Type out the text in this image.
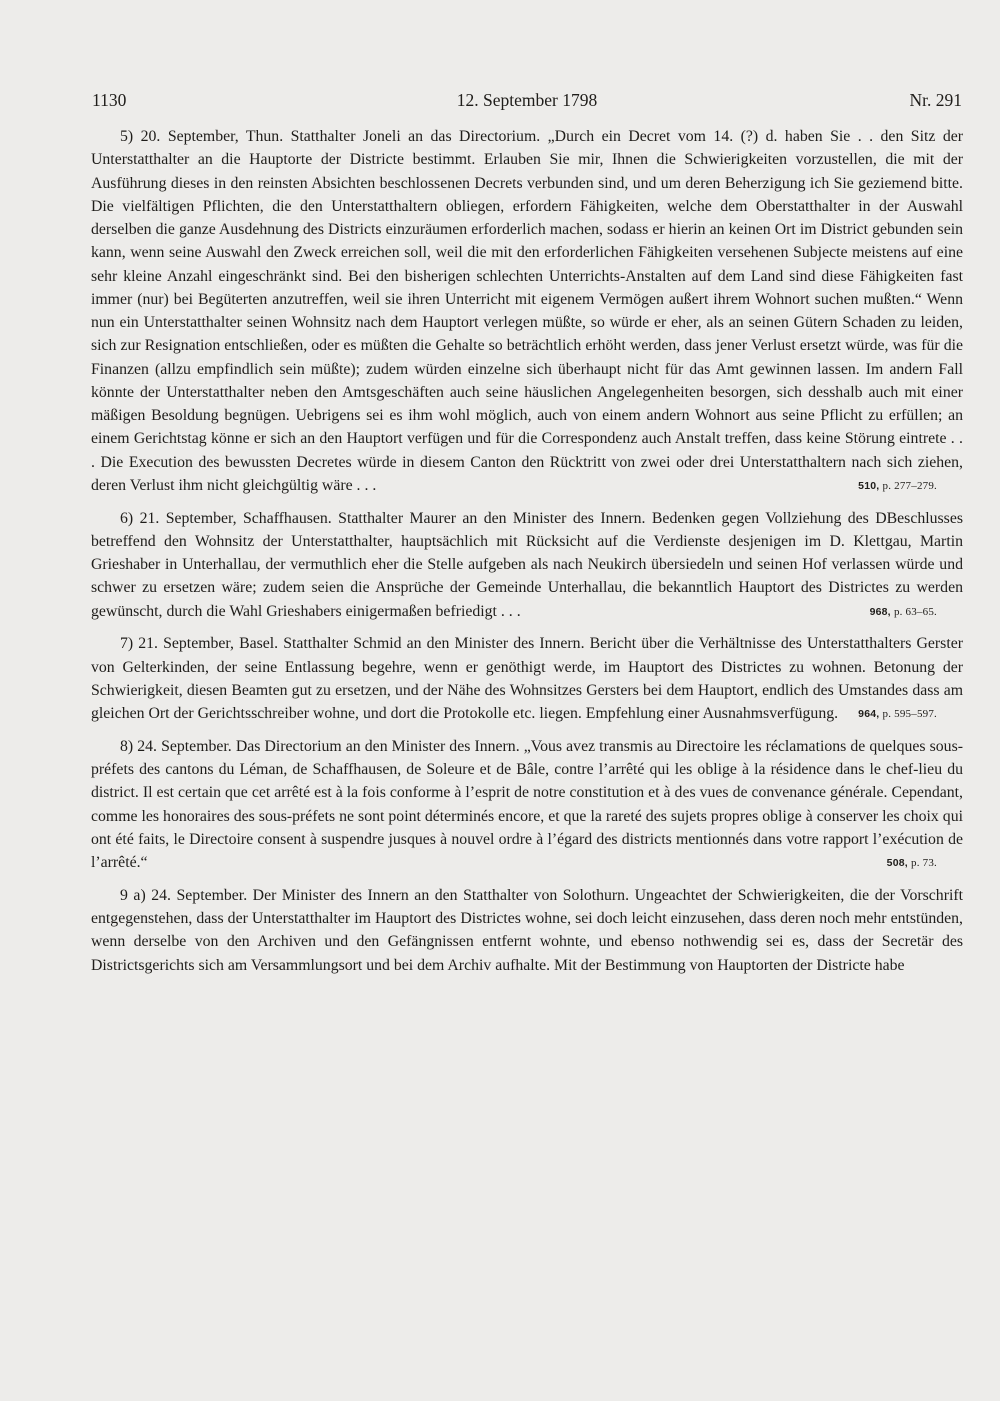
1130	12. September 1798	Nr. 291

5) 20. September, Thun. Statthalter Joneli an das Directorium. „Durch ein Decret vom 14. (?) d. haben Sie . . den Sitz der Unterstatthalter an die Hauptorte der Districte bestimmt. Erlauben Sie mir, Ihnen die Schwierigkeiten vorzustellen, die mit der Ausführung dieses in den reinsten Absichten beschlossenen Decrets verbunden sind, und um deren Beherzigung ich Sie geziemend bitte. Die vielfältigen Pflichten, die den Unterstatthaltern obliegen, erfordern Fähigkeiten, welche dem Oberstatthalter in der Auswahl derselben die ganze Ausdehnung des Districts einzuräumen erforderlich machen, sodass er hierin an keinen Ort im District gebunden sein kann, wenn seine Auswahl den Zweck erreichen soll, weil die mit den erforderlichen Fähigkeiten versehenen Subjecte meistens auf eine sehr kleine Anzahl eingeschränkt sind. Bei den bisherigen schlechten Unterrichts-Anstalten auf dem Land sind diese Fähigkeiten fast immer (nur) bei Begüterten anzutreffen, weil sie ihren Unterricht mit eigenem Vermögen außert ihrem Wohnort suchen mußten.“ Wenn nun ein Unterstatthalter seinen Wohnsitz nach dem Hauptort verlegen müßte, so würde er eher, als an seinen Gütern Schaden zu leiden, sich zur Resignation entschließen, oder es müßten die Gehalte so beträchtlich erhöht werden, dass jener Verlust ersetzt würde, was für die Finanzen (allzu empfindlich sein müßte); zudem würden einzelne sich überhaupt nicht für das Amt gewinnen lassen. Im andern Fall könnte der Unterstatthalter neben den Amtsgeschäften auch seine häuslichen Angelegenheiten besorgen, sich desshalb auch mit einer mäßigen Besoldung begnügen. Uebrigens sei es ihm wohl möglich, auch von einem andern Wohnort aus seine Pflicht zu erfüllen; an einem Gerichtstag könne er sich an den Hauptort verfügen und für die Correspondenz auch Anstalt treffen, dass keine Störung eintrete . . . Die Execution des bewussten Decretes würde in diesem Canton den Rücktritt von zwei oder drei Unterstatthaltern nach sich ziehen, deren Verlust ihm nicht gleichgültig wäre . . .	510, p. 277–279.

6) 21. September, Schaffhausen. Statthalter Maurer an den Minister des Innern. Bedenken gegen Vollziehung des DBeschlusses betreffend den Wohnsitz der Unterstatthalter, hauptsächlich mit Rücksicht auf die Verdienste desjenigen im D. Klettgau, Martin Grieshaber in Unterhallau, der vermuthlich eher die Stelle aufgeben als nach Neukirch übersiedeln und seinen Hof verlassen würde und schwer zu ersetzen wäre; zudem seien die Ansprüche der Gemeinde Unterhallau, die bekanntlich Hauptort des Districtes zu werden gewünscht, durch die Wahl Grieshabers einigermaßen befriedigt . . .	968, p. 63–65.

7) 21. September, Basel. Statthalter Schmid an den Minister des Innern. Bericht über die Verhältnisse des Unterstatthalters Gerster von Gelterkinden, der seine Entlassung begehre, wenn er genöthigt werde, im Hauptort des Districtes zu wohnen. Betonung der Schwierigkeit, diesen Beamten gut zu ersetzen, und der Nähe des Wohnsitzes Gersters bei dem Hauptort, endlich des Umstandes dass am gleichen Ort der Gerichtsschreiber wohne, und dort die Protokolle etc. liegen. Empfehlung einer Ausnahmsverfügung. 964, p. 595–597.

8) 24. September. Das Directorium an den Minister des Innern. „Vous avez transmis au Directoire les réclamations de quelques sous-préfets des cantons du Léman, de Schaffhausen, de Soleure et de Bâle, contre l’arrêté qui les oblige à la résidence dans le chef-lieu du district. Il est certain que cet arrêté est à la fois conforme à l’esprit de notre constitution et à des vues de convenance générale. Cependant, comme les honoraires des sous-préfets ne sont point déterminés encore, et que la rareté des sujets propres oblige à conserver les choix qui ont été faits, le Directoire consent à suspendre jusques à nouvel ordre à l’égard des districts mentionnés dans votre rapport l’exécution de l’arrêté.“	508, p. 73.

9 a) 24. September. Der Minister des Innern an den Statthalter von Solothurn. Ungeachtet der Schwierigkeiten, die der Vorschrift entgegenstehen, dass der Unterstatthalter im Hauptort des Districtes wohne, sei doch leicht einzusehen, dass deren noch mehr entstünden, wenn derselbe von den Archiven und den Gefängnissen entfernt wohnte, und ebenso nothwendig sei es, dass der Secretär des Districtsgerichts sich am Versammlungsort und bei dem Archiv aufhalte. Mit der Bestimmung von Hauptorten der Districte habe
